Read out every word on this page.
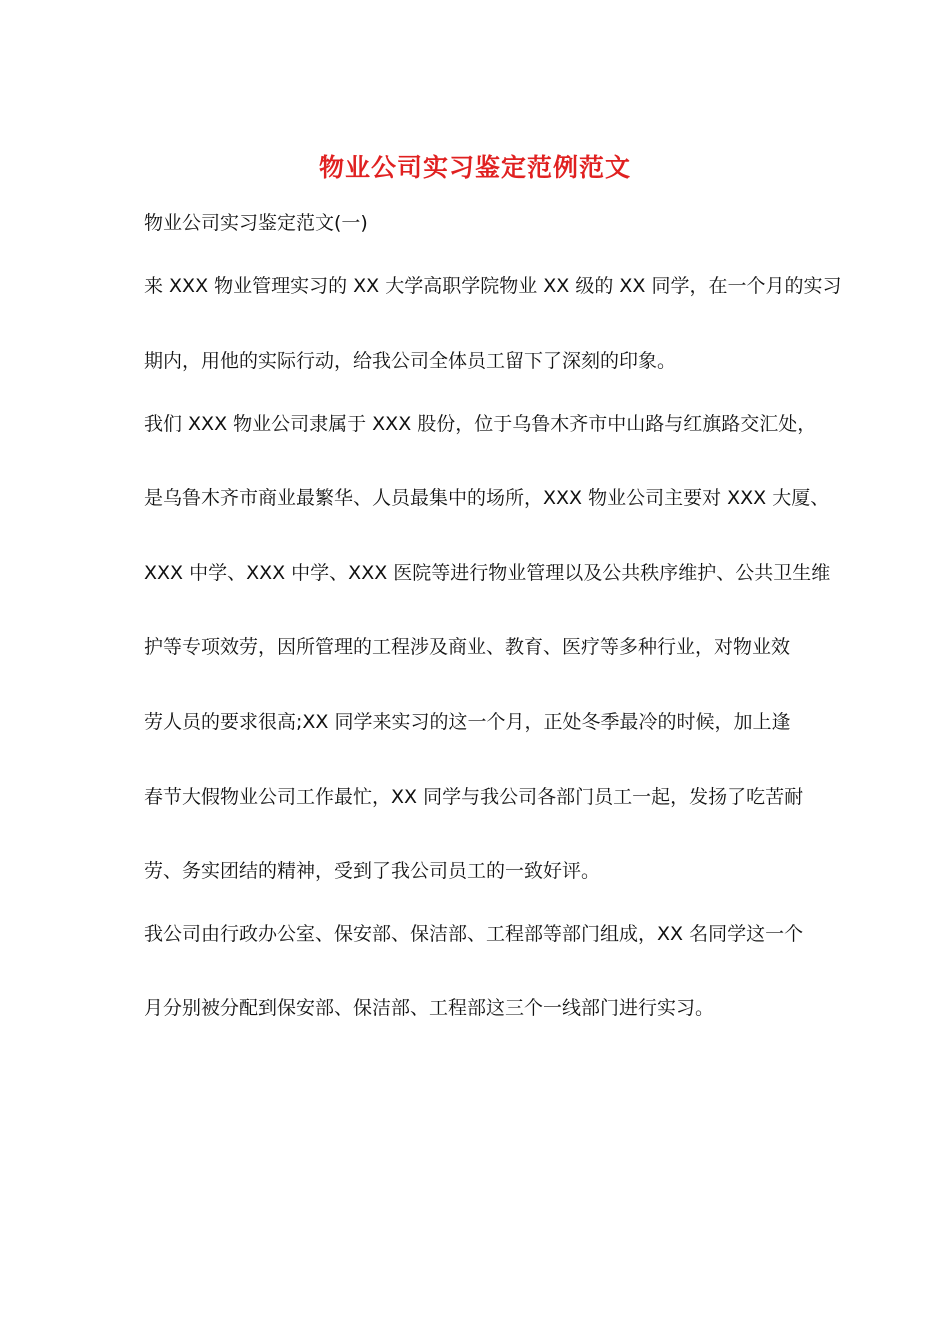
物业公司实习鉴定范例范文
物业公司实习鉴定范文(一)
来 XXX 物业管理实习的 XX 大学高职学院物业 XX 级的 XX 同学，在一个月的实习
期内，用他的实际行动，给我公司全体员工留下了深刻的印象。
我们 XXX 物业公司隶属于 XXX 股份，位于乌鲁木齐市中山路与红旗路交汇处，
是乌鲁木齐市商业最繁华、人员最集中的场所，XXX 物业公司主要对 XXX 大厦、
XXX 中学、XXX 中学、XXX 医院等进行物业管理以及公共秩序维护、公共卫生维
护等专项效劳，因所管理的工程涉及商业、教育、医疗等多种行业，对物业效
劳人员的要求很高;XX 同学来实习的这一个月，正处冬季最冷的时候，加上逢
春节大假物业公司工作最忙，XX 同学与我公司各部门员工一起，发扬了吃苦耐
劳、务实团结的精神，受到了我公司员工的一致好评。
我公司由行政办公室、保安部、保洁部、工程部等部门组成，XX 名同学这一个
月分别被分配到保安部、保洁部、工程部这三个一线部门进行实习。
